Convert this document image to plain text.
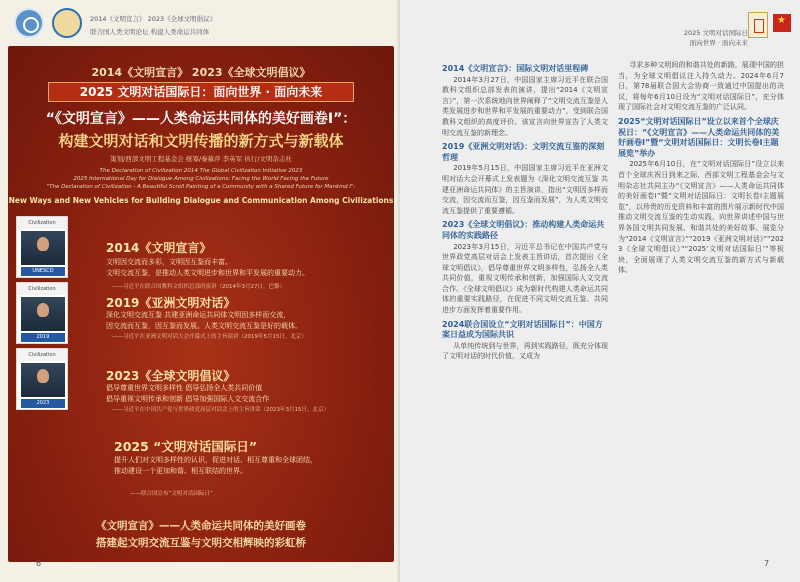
2014《文明宣言》 2023《全球文明倡议》
联合国人类文明论坛 构建人类命运共同体
2014《文明宣言》 2023《全球文明倡议》
2025 文明对话国际日：面向世界 · 面向未来
“《文明宣言》——人类命运共同体的美好画卷Ⅰ”：
构建文明对话和文明传播的新方式与新载体
策划/西部文明工程基金会 统筹/秦慕萍 李英军 执行/文明杂志社
The Declaration of Civilization 2014 The Global Civilization Initiative 2023
2025 International Day for Dialogue Among Civilizations: Facing the World Facing the Future
"The Declaration of Civilization - A Beautiful Scroll Painting of a Community with a Shared Future for Mankind I":
New Ways and New Vehicles for Building Dialogue and Communication Among Civilizations
Civilization
UNESCO
Civilization
2019
Civilization
2023
2014《文明宣言》
文明因交流而多彩，文明因互鉴而丰富。
文明交流互鉴，是推动人类文明进步和世界和平发展的重要动力。
——习近平在联合国教科文组织总部的演讲（2014年3月27日，巴黎）
2019《亚洲文明对话》
深化文明交流互鉴 共建亚洲命运共同体文明因多样而交流，
因交流而互鉴，因互鉴而发展。人类文明交流互鉴是好的载体。
——习近平在亚洲文明对话大会开幕式上的主旨演讲（2019年5月15日，北京）
2023《全球文明倡议》
倡导尊重世界文明多样性 倡导弘扬全人类共同价值
倡导重视文明传承和创新 倡导加强国际人文交流合作
——习近平在中国共产党与世界政党高层对话会上的主旨讲话（2023年3月15日，北京）
2025 “文明对话国际日”
提升人们对文明多样性的认识，促进对话、相互尊重和全球团结，
推动建设一个更加和谐、相互联结的世界。
——联合国宣布“文明对话国际日”
《文明宣言》——人类命运共同体的美好画卷
搭建起文明交流互鉴与文明交相辉映的彩虹桥
6
2025 文明对话国际日
面向世界 · 面向未来
★
2014《文明宣言》：国际文明对话里程碑
2014年3月27日，中国国家主席习近平在联合国教科文组织总部发表的演讲，提出“2014《文明宣言》”，第一次系统地向世界阐释了“文明交流互鉴是人类发展进步和世界和平发展的重要动力”，受到联合国教科文组织的高度评价。该宣言向世界宣告了人类文明交流互鉴的新理念。
2019《亚洲文明对话》：文明交流互鉴的深刻哲理
2019年5月15日，中国国家主席习近平在亚洲文明对话大会开幕式上发表题为《深化文明交流互鉴 共建亚洲命运共同体》的主旨演讲，指出“文明因多样而交流，因交流而互鉴，因互鉴而发展”，为人类文明交流互鉴提供了重要遵循。
2023《全球文明倡议》：推动构建人类命运共同体的实践路径
2023年3月15日，习近平总书记在中国共产党与世界政党高层对话会上发表主旨讲话，首次提出《全球文明倡议》，倡导尊重世界文明多样性，弘扬全人类共同价值，重视文明传承和创新，加强国际人文交流合作。《全球文明倡议》成为新时代构建人类命运共同体的重要实践路径，在促进不同文明交流互鉴、共同进步方面发挥着重要作用。
2024联合国设立“文明对话国际日”：中国方案日益成为国际共识
从单纯传统到与世界，再到实践路径，既充分体现了文明对话的时代价值，又成为
寻求多种文明间的和谐共处的新路，展现中国的担当，为全球文明倡议注入持久动力。2024年6月7日，第78届联合国大会协商一致通过中国提出的决议，将每年6月10日设为“文明对话国际日”，充分体现了国际社会对文明交流互鉴的广泛认同。
2025“文明对话国际日”设立以来首个全球庆祝日：“《文明宣言》——人类命运共同体的美好画卷Ⅰ”暨“文明对话国际日：文明长卷Ⅰ主题展览”举办
2025年6月10日，在“文明对话国际日”设立以来首个全球庆祝日到来之际，西部文明工程基金会与文明杂志社共同主办“《文明宣言》——人类命运共同体的美好画卷Ⅰ”暨“文明对话国际日：文明长卷Ⅰ主题展览”，以珍贵的历史资料和丰富的图片展示新时代中国推动文明交流互鉴的生动实践，向世界讲述中国与世界各国文明共同发展、和谐共处的美好故事。展览分为“2014《文明宣言》”“2019《亚洲文明对话》”“2023《全球文明倡议》”“2025‘文明对话国际日’”等板块，全面展现了人类文明交流互鉴的新方式与新载体。
7
